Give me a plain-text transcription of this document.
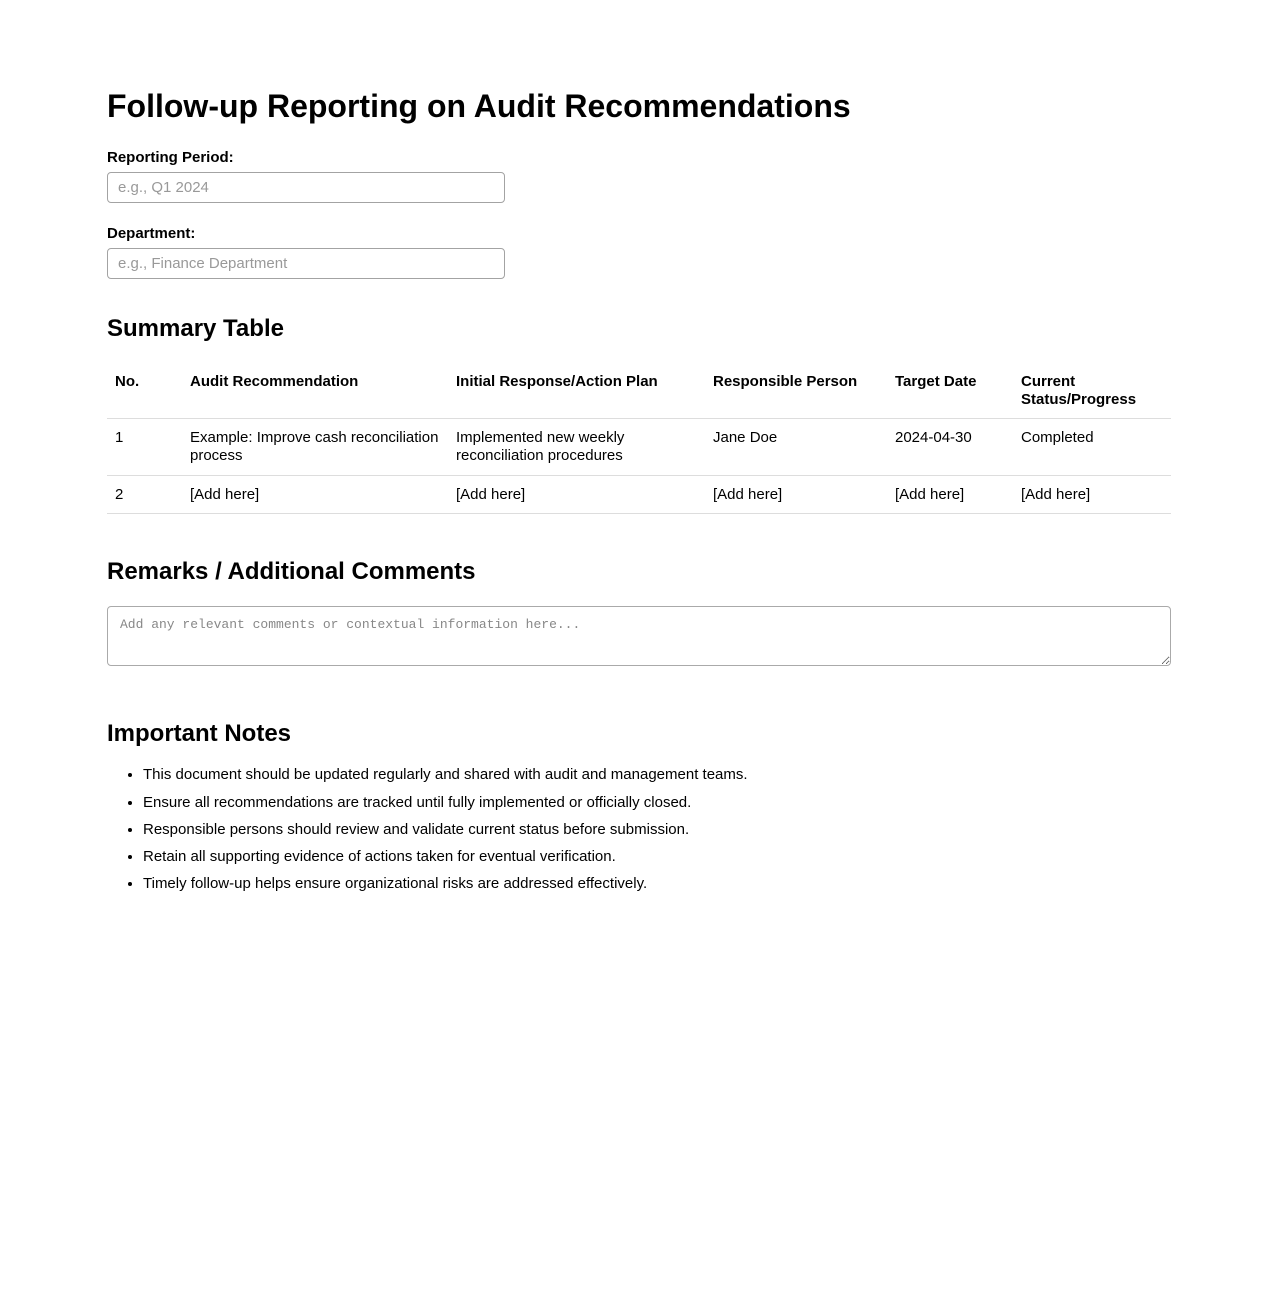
Follow-up Reporting on Audit Recommendations
Reporting Period:
e.g., Q1 2024
Department:
e.g., Finance Department
Summary Table
No.	Audit Recommendation	Initial Response/Action Plan	Responsible Person	Target Date	Current Status/Progress
1	Example: Improve cash reconciliation process	Implemented new weekly reconciliation procedures	Jane Doe	2024-04-30	Completed
2	[Add here]	[Add here]	[Add here]	[Add here]	[Add here]
Remarks / Additional Comments
Add any relevant comments or contextual information here...
Important Notes
• This document should be updated regularly and shared with audit and management teams.
• Ensure all recommendations are tracked until fully implemented or officially closed.
• Responsible persons should review and validate current status before submission.
• Retain all supporting evidence of actions taken for eventual verification.
• Timely follow-up helps ensure organizational risks are addressed effectively.
